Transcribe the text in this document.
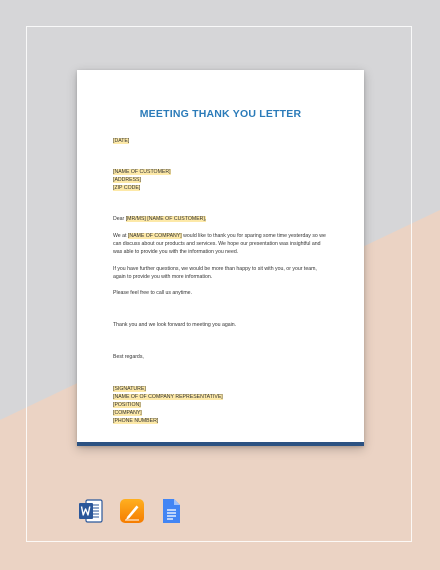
MEETING THANK YOU LETTER
[DATE]
[NAME OF CUSTOMER]
[ADDRESS]
[ZIP CODE]
Dear [MR/MS] [NAME OF CUSTOMER],
We at [NAME OF COMPANY] would like to thank you for sparing some time yesterday so we
can discuss about our products and services. We hope our presentation was insightful and
was able to provide you with the information you need.
If you have further questions, we would be more than happy to sit with you, or your team,
again to provide you with more information.
Please feel free to call us anytime.
Thank you and we look forward to meeting you again.
Best regards,
[SIGNATURE]
[NAME OF OF COMPANY REPRESENTATIVE]
[POSITION]
[COMPANY]
[PHONE NUMBER]
